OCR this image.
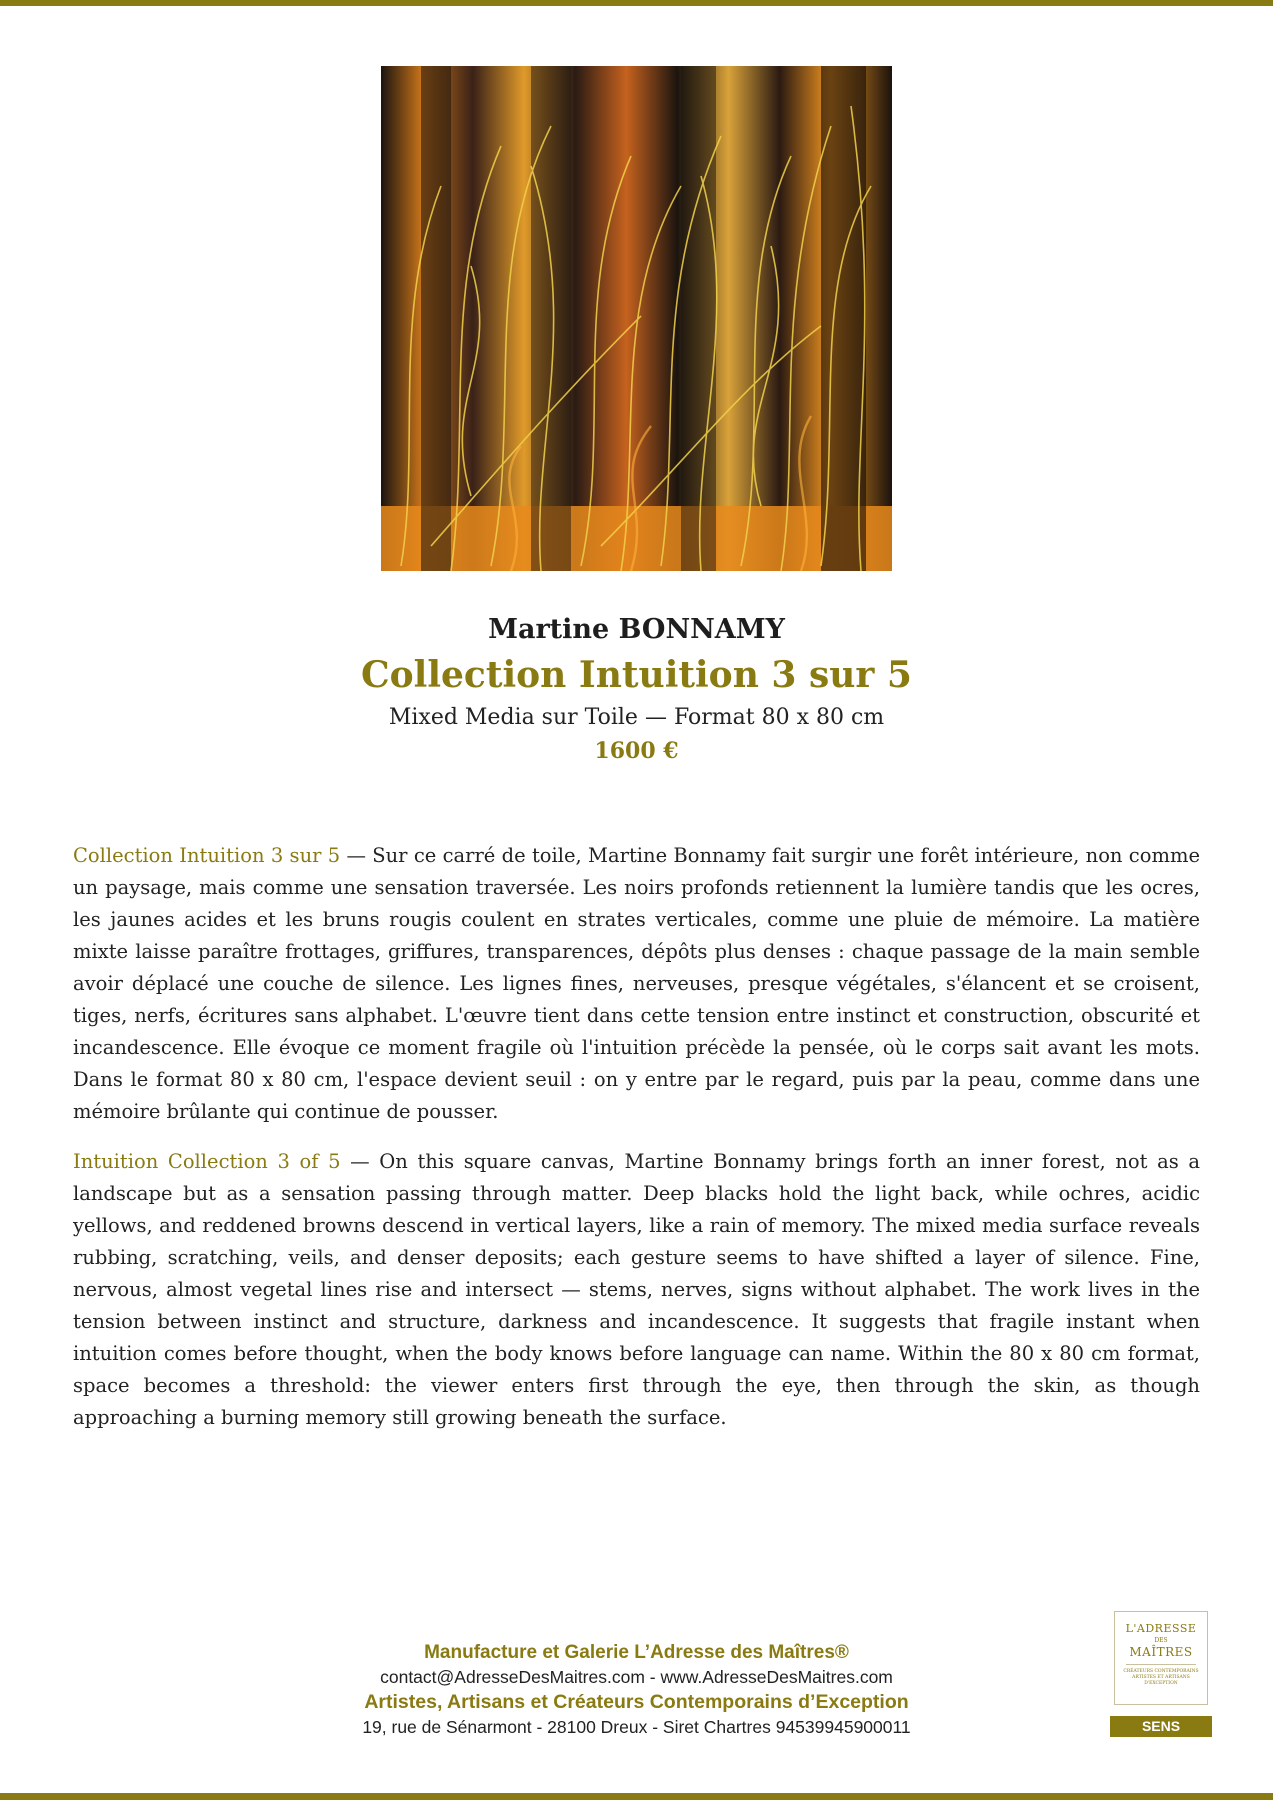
Martine BONNAMY
Collection Intuition 3 sur 5
Mixed Media sur Toile — Format 80 x 80 cm
1600 €

Collection Intuition 3 sur 5 — Sur ce carré de toile, Martine Bonnamy fait surgir une forêt intérieure, non comme un paysage, mais comme une sensation traversée. Les noirs profonds retiennent la lumière tandis que les ocres, les jaunes acides et les bruns rougis coulent en strates verticales, comme une pluie de mémoire. La matière mixte laisse paraître frottages, griffures, transparences, dépôts plus denses : chaque passage de la main semble avoir déplacé une couche de silence. Les lignes fines, nerveuses, presque végétales, s'élancent et se croisent, tiges, nerfs, écritures sans alphabet. L'œuvre tient dans cette tension entre instinct et construction, obscurité et incandescence. Elle évoque ce moment fragile où l'intuition précède la pensée, où le corps sait avant les mots. Dans le format 80 x 80 cm, l'espace devient seuil : on y entre par le regard, puis par la peau, comme dans une mémoire brûlante qui continue de pousser.

Intuition Collection 3 of 5 — On this square canvas, Martine Bonnamy brings forth an inner forest, not as a landscape but as a sensation passing through matter. Deep blacks hold the light back, while ochres, acidic yellows, and reddened browns descend in vertical layers, like a rain of memory. The mixed media surface reveals rubbing, scratching, veils, and denser deposits; each gesture seems to have shifted a layer of silence. Fine, nervous, almost vegetal lines rise and intersect — stems, nerves, signs without alphabet. The work lives in the tension between instinct and structure, darkness and incandescence. It suggests that fragile instant when intuition comes before thought, when the body knows before language can name. Within the 80 x 80 cm format, space becomes a threshold: the viewer enters first through the eye, then through the skin, as though approaching a burning memory still growing beneath the surface.

Manufacture et Galerie L’Adresse des Maîtres®
contact@AdresseDesMaitres.com - www.AdresseDesMaitres.com
Artistes, Artisans et Créateurs Contemporains d’Exception
19, rue de Sénarmont - 28100 Dreux - Siret Chartres 94539945900011
L'ADRESSE
DES
MAÎTRES
CRÉATEURS CONTEMPORAINS ARTISTES ET ARTISANS D'EXCEPTION
SENS
